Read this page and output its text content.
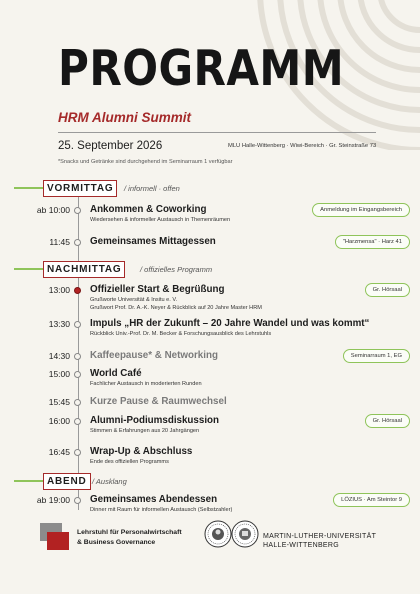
PROGRAMM
HRM Alumni Summit
25. September 2026	MLU Halle-Wittenberg · Wiwi-Bereich · Gr. Steinstraße 73
*Snacks und Getränke sind durchgehend im Seminarraum 1 verfügbar
VORMITTAG	/ informell · offen
NACHMITTAG	/ offizielles Programm
ABEND / Ausklang
ab 10:00 Ankommen & Coworking
Wiedersehen & informeller Austausch in Themenräumen
Anmeldung im Eingangsbereich
11:45 Gemeinsames Mittagessen	"Harzmensa" · Harz 41
13:00 Offizieller Start & Begrüßung
Grußworte Universität & Insitu e. V.
Grußwort Prof. Dr. A.-K. Neyer & Rückblick auf 20 Jahre Master HRM
Gr. Hörsaal
13:30 Impuls „HR der Zukunft – 20 Jahre Wandel und was kommt“
Rückblick Univ.-Prof. Dr. M. Becker & Forschungsausblick des Lehrstuhls
14:30 Kaffeepause* & Networking	Seminarraum 1, EG
15:00 World Café
Fachlicher Austausch in moderierten Runden
15:45 Kurze Pause & Raumwechsel
16:00 Alumni-Podiumsdiskussion
Stimmen & Erfahrungen aus 20 Jahrgängen
Gr. Hörsaal
16:45 Wrap-Up & Abschluss
Ende des offiziellen Programms
ab 19:00 Gemeinsames Abendessen
Dinner mit Raum für informellen Austausch (Selbstzahler)
LÖZIUS · Am Steintor 9
Lehrstuhl für Personalwirtschaft
& Business Governance
MARTIN-LUTHER-UNIVERSITÄT
HALLE-WITTENBERG
